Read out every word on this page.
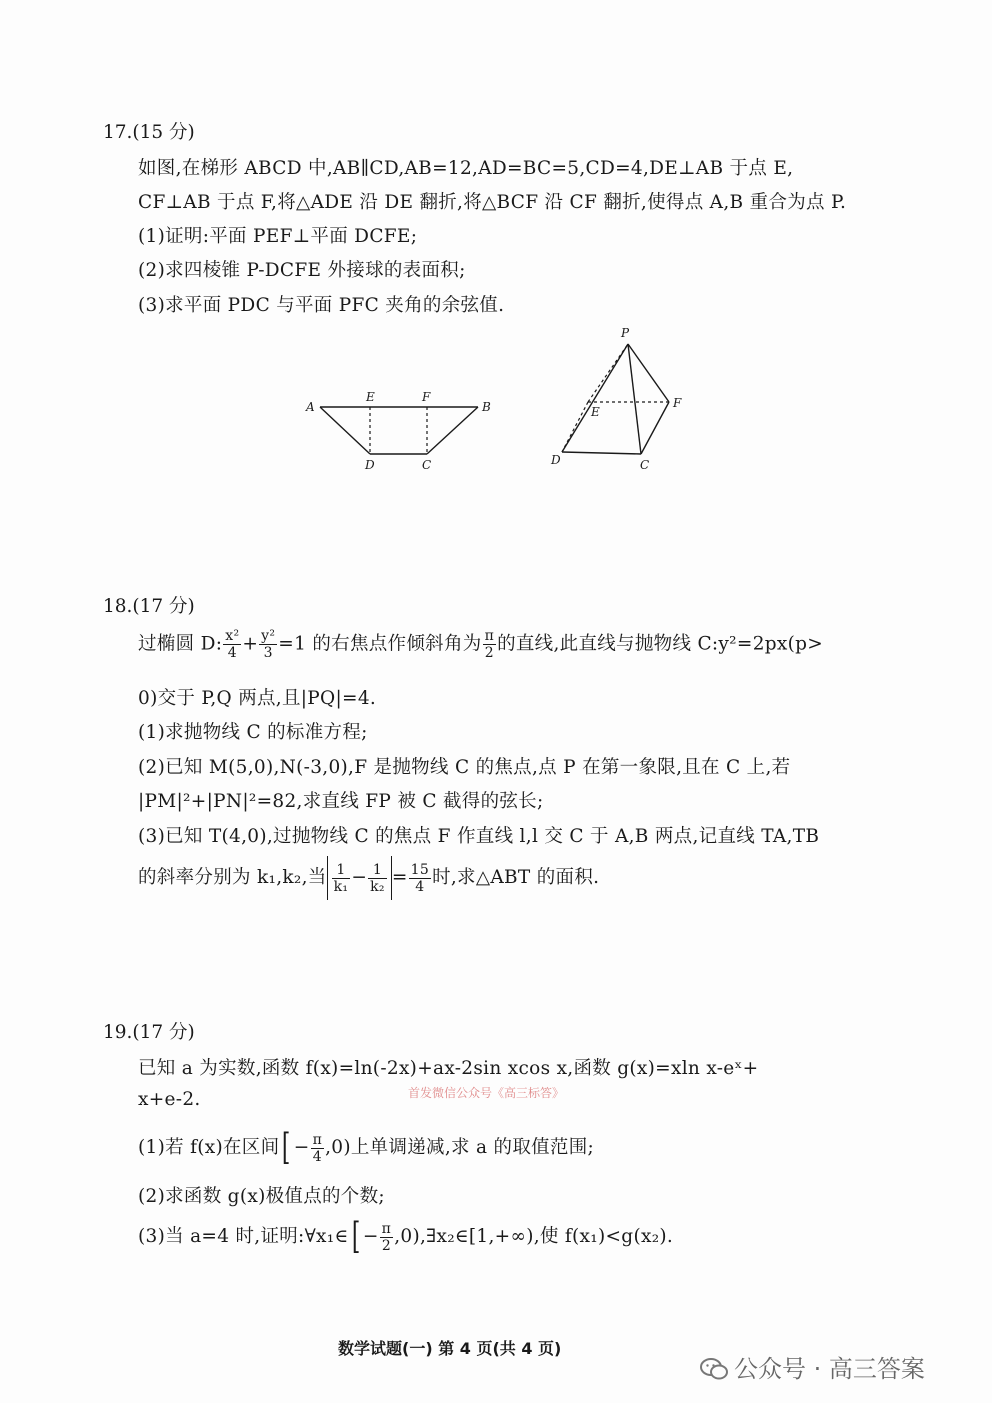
17.(15 分)
如图,在梯形 ABCD 中,AB∥CD,AB=12,AD=BC=5,CD=4,DE⊥AB 于点 E,
CF⊥AB 于点 F,将△ADE 沿 DE 翻折,将△BCF 沿 CF 翻折,使得点 A,B 重合为点 P.
(1)证明:平面 PEF⊥平面 DCFE;
(2)求四棱锥 P-DCFE 外接球的表面积;
(3)求平面 PDC 与平面 PFC 夹角的余弦值.
A
E	F
B
D	C
P
E
F
D	C
18.(17 分)
过椭圆 D: $\frac{\text{x²}}{4} + \frac{\text{y²}}{3} =1$ 的右焦点作倾斜角为 $\frac{\pi}{2}$ 的直线,此直线与抛物线 C:y²=2px(p>
0)交于 P,Q 两点,且|PQ|=4.
(1)求抛物线 C 的标准方程;
(2)已知 M(5,0),N(-3,0),F 是抛物线 C 的焦点,点 P 在第一象限,且在 C 上,若
|PM|²+|PN|²=82,求直线 FP 被 C 截得的弦长;
(3)已知 T(4,0),过抛物线 C 的焦点 F 作直线 l,l 交 C 于 A,B 两点,记直线 TA,TB
的斜率分别为 k₁,k₂,当 $\frac{1}{\text{k₁}} - \frac{1}{\text{k₂}} = \frac{15}{4}$ 时,求△ABT 的面积.
19.(17 分)
已知 a 为实数,函数 f(x)=ln(-2x)+ax-2sin xcos x,函数 g(x)=xln x-eˣ+
x+e-2.	首发微信公众号《高三标答》
(1)若 f(x)在区间[ − $\frac{\pi}{4} ,0$)上单调递减,求 a 的取值范围;
(2)求函数 g(x)极值点的个数;
(3)当 a=4 时,证明:∀x₁∈[ − $\frac{\pi}{2}$ ,0),∃x₂∈[1,+∞),使 f(x₁)<g(x₂).
数学试题(一) 第 4 页(共 4 页)
公众号 · 高三答案
